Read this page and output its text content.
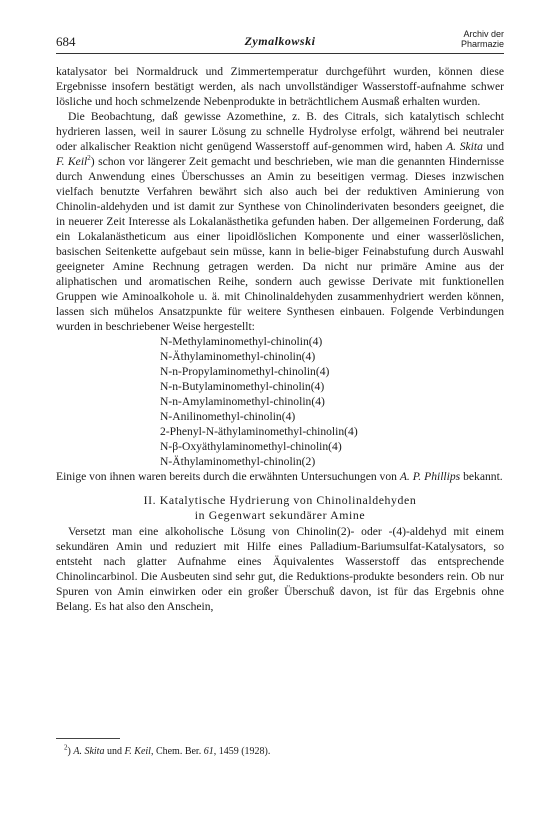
684	Zymalkowski	Archiv der
Pharmazie

katalysator bei Normaldruck und Zimmertemperatur durchgeführt wurden, können diese Ergebnisse insofern bestätigt werden, als nach unvollständiger Wasserstoff-aufnahme schwer lösliche und hoch schmelzende Nebenprodukte in beträchtlichem Ausmaß erhalten wurden.

Die Beobachtung, daß gewisse Azomethine, z. B. des Citrals, sich katalytisch schlecht hydrieren lassen, weil in saurer Lösung zu schnelle Hydrolyse erfolgt, während bei neutraler oder alkalischer Reaktion nicht genügend Wasserstoff auf-genommen wird, haben A. Skita und F. Keil$^2$) schon vor längerer Zeit gemacht und beschrieben, wie man die genannten Hindernisse durch Anwendung eines Überschusses an Amin zu beseitigen vermag. Dieses inzwischen vielfach benutzte Verfahren bewährt sich also auch bei der reduktiven Aminierung von Chinolin-aldehyden und ist damit zur Synthese von Chinolinderivaten besonders geeignet, die in neuerer Zeit Interesse als Lokalanästhetika gefunden haben. Der allgemeinen Forderung, daß ein Lokalanästheticum aus einer lipoidlöslichen Komponente und einer wasserlöslichen, basischen Seitenkette aufgebaut sein müsse, kann in belie-biger Feinabstufung durch Auswahl geeigneter Amine Rechnung getragen werden. Da nicht nur primäre Amine aus der aliphatischen und aromatischen Reihe, sondern auch gewisse Derivate mit funktionellen Gruppen wie Aminoalkohole u. ä. mit Chinolinaldehyden zusammenhydriert werden können, lassen sich mühelos Ansatzpunkte für weitere Synthesen einbauen. Folgende Verbindungen wurden in beschriebener Weise hergestellt:

N-Methylaminomethyl-chinolin(4)
N-Äthylaminomethyl-chinolin(4)
N-n-Propylaminomethyl-chinolin(4)
N-n-Butylaminomethyl-chinolin(4)
N-n-Amylaminomethyl-chinolin(4)
N-Anilinomethyl-chinolin(4)
2-Phenyl-N-äthylaminomethyl-chinolin(4)
N-β-Oxyäthylaminomethyl-chinolin(4)
N-Äthylaminomethyl-chinolin(2)

Einige von ihnen waren bereits durch die erwähnten Untersuchungen von A. P. Phillips bekannt.

II. Katalytische Hydrierung von Chinolinaldehyden
in Gegenwart sekundärer Amine

Versetzt man eine alkoholische Lösung von Chinolin(2)- oder -(4)-aldehyd mit einem sekundären Amin und reduziert mit Hilfe eines Palladium-Bariumsulfat-Katalysators, so entsteht nach glatter Aufnahme eines Äquivalentes Wasserstoff das entsprechende Chinolincarbinol. Die Ausbeuten sind sehr gut, die Reduktions-produkte besonders rein. Ob nur Spuren von Amin einwirken oder ein großer Überschuß davon, ist für das Ergebnis ohne Belang. Es hat also den Anschein,

$^2$) A. Skita und F. Keil, Chem. Ber. 61, 1459 (1928).
